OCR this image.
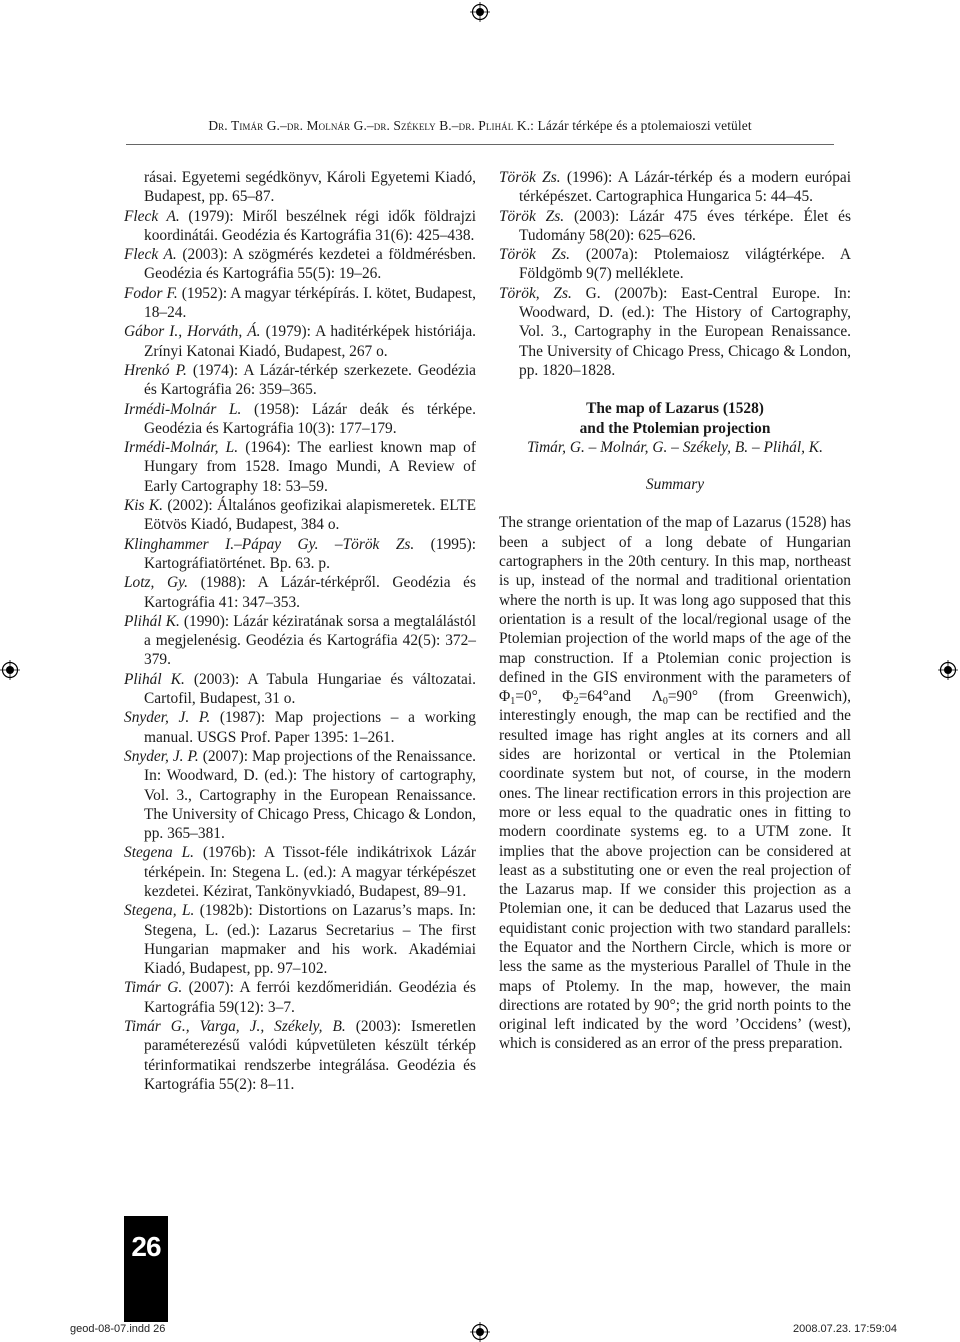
Dr. Timár G.–dr. Molnár G.–dr. Székely B.–dr. Plihál K.: Lázár térképe és a ptolemaioszi vetület

rásai. Egyetemi segédkönyv, Károli Egyetemi Kiadó, Budapest, pp. 65–87.

Fleck A. (1979): Miről beszélnek régi idők földrajzi koordinátái. Geodézia és Kartográfia 31(6): 425–438.

Fleck A. (2003): A szögmérés kezdetei a földmérésben. Geodézia és Kartográfia 55(5): 19–26.

Fodor F. (1952): A magyar térképírás. I. kötet, Budapest, 18–24.

Gábor I., Horváth, Á. (1979): A haditérképek históriája. Zrínyi Katonai Kiadó, Budapest, 267 o.

Hrenkó P. (1974): A Lázár-térkép szerkezete. Geodézia és Kartográfia 26: 359–365.

Irmédi-Molnár L. (1958): Lázár deák és térképe. Geodézia és Kartográfia 10(3): 177–179.

Irmédi-Molnár, L. (1964): The earliest known map of Hungary from 1528. Imago Mundi, A Review of Early Cartography 18: 53–59.

Kis K. (2002): Általános geofizikai alapismeretek. ELTE Eötvös Kiadó, Budapest, 384 o.

Klinghammer I.–Pápay Gy. –Török Zs. (1995): Kartográfiatörténet. Bp. 63. p.

Lotz, Gy. (1988): A Lázár-térképről. Geodézia és Kartográfia 41: 347–353.

Plihál K. (1990): Lázár kéziratának sorsa a megtalálástól a megjelenésig. Geodézia és Kartográfia 42(5): 372–379.

Plihál K. (2003): A Tabula Hungariae és változatai. Cartofil, Budapest, 31 o.

Snyder, J. P. (1987): Map projections – a working manual. USGS Prof. Paper 1395: 1–261.

Snyder, J. P. (2007): Map projections of the Renaissance. In: Woodward, D. (ed.): The history of cartography, Vol. 3., Cartography in the European Renaissance. The University of Chicago Press, Chicago & London, pp. 365–381.

Stegena L. (1976b): A Tissot-féle indikátrixok Lázár térképein. In: Stegena L. (ed.): A magyar térképészet kezdetei. Kézirat, Tankönyvkiadó, Budapest, 89–91.

Stegena, L. (1982b): Distortions on Lazarus’s maps. In: Stegena, L. (ed.): Lazarus Secretarius – The first Hungarian mapmaker and his work. Akadémiai Kiadó, Budapest, pp. 97–102.

Timár G. (2007): A ferrói kezdőmeridián. Geodézia és Kartográfia 59(12): 3–7.

Timár G., Varga, J., Székely, B. (2003): Ismeretlen paraméterezésű valódi kúpvetületen készült térkép térinformatikai rendszerbe integrálása. Geodézia és Kartográfia 55(2): 8–11.

Török Zs. (1996): A Lázár-térkép és a modern európai térképészet. Cartographica Hungarica 5: 44–45.

Török Zs. (2003): Lázár 475 éves térképe. Élet és Tudomány 58(20): 625–626.

Török Zs. (2007a): Ptolemaiosz világtérképe. A Földgömb 9(7) melléklete.

Török, Zs. G. (2007b): East-Central Europe. In: Woodward, D. (ed.): The History of Cartography, Vol. 3., Cartography in the European Renaissance. The University of Chicago Press, Chicago & London, pp. 1820–1828.

The map of Lazarus (1528)
and the Ptolemian projection

Timár, G. – Molnár, G. – Székely, B. – Plihál, K.

Summary

The strange orientation of the map of Lazarus (1528) has been a subject of a long debate of Hungarian cartographers in the 20th century. In this map, northeast is up, instead of the normal and traditional orientation where the north is up. It was long ago supposed that this orientation is a result of the local/regional usage of the Ptolemian projection of the world maps of the age of the map construction. If a Ptolemian conic projection is defined in the GIS environment with the parameters of $\Phi_1=0^\circ$, $\Phi_2=64^\circ and$ $\Lambda_0=90^\circ$ (from Greenwich), interestingly enough, the map can be rectified and the resulted image has right angles at its corners and all sides are horizontal or vertical in the Ptolemian coordinate system but not, of course, in the modern ones. The linear rectification errors in this projection are more or less equal to the quadratic ones in fitting to modern coordinate systems eg. to a UTM zone. It implies that the above projection can be considered at least as a substituting one or even the real projection of the Lazarus map. If we consider this projection as a Ptolemian one, it can be deduced that Lazarus used the equidistant conic projection with two standard parallels: the Equator and the Northern Circle, which is more or less the same as the mysterious Parallel of Thule in the maps of Ptolemy. In the map, however, the main directions are rotated by 90°; the grid north points to the original left indicated by the word ’Occidens’ (west), which is considered as an error of the press preparation.

26
geod-08-07.indd 26	2008.07.23. 17:59:04
